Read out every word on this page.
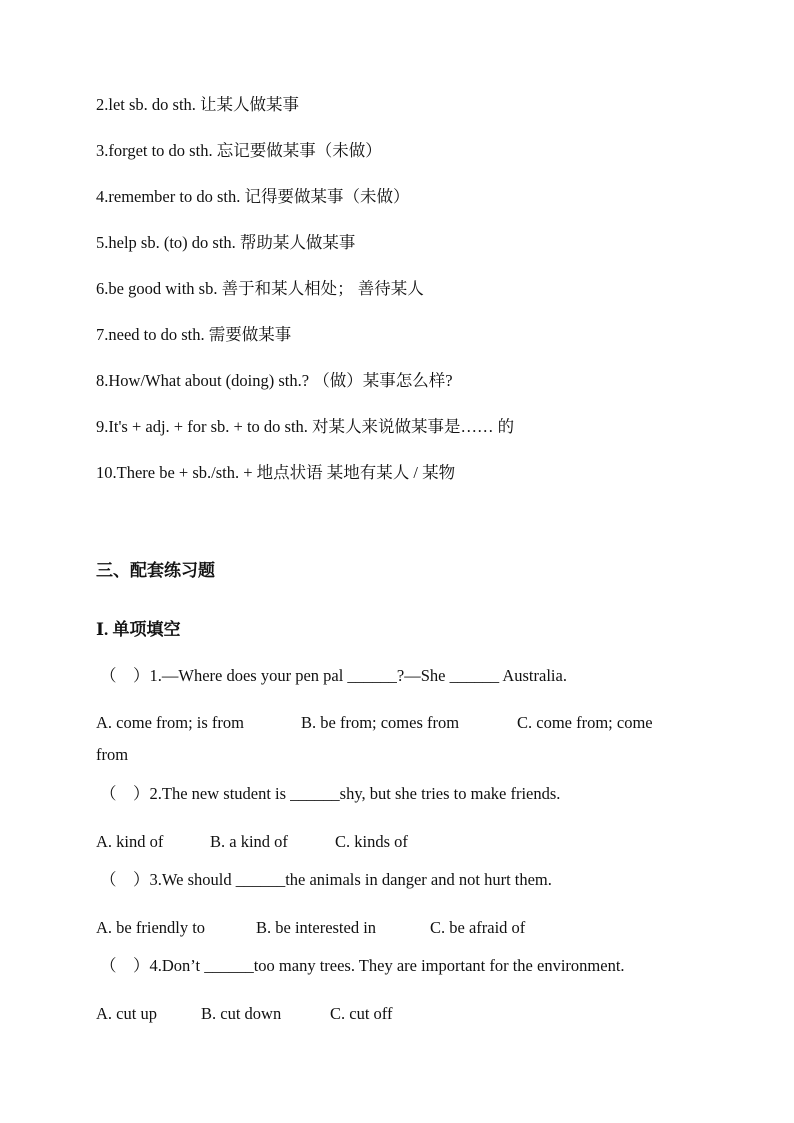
2.let sb. do sth. 让某人做某事
3.forget to do sth. 忘记要做某事（未做）
4.remember to do sth. 记得要做某事（未做）
5.help sb. (to) do sth. 帮助某人做某事
6.be good with sb. 善于和某人相处； 善待某人
7.need to do sth. 需要做某事
8.How/What about (doing) sth.? （做）某事怎么样?
9.It's + adj. + for sb. + to do sth. 对某人来说做某事是…… 的
10.There be + sb./sth. + 地点状语 某地有某人 / 某物
三、配套练习题
Ⅰ. 单项填空
（　）1.—Where does your pen pal ______?—She ______ Australia.
A. come from; is from	B. be from; comes from	C. come from; come
from
（　）2.The new student is ______shy, but she tries to make friends.
A. kind of	B. a kind of	C. kinds of
（　）3.We should ______the animals in danger and not hurt them.
A. be friendly to	B. be interested in	C. be afraid of
（　）4.Don’t ______too many trees. They are important for the environment.
A. cut up	B. cut down	C. cut off
